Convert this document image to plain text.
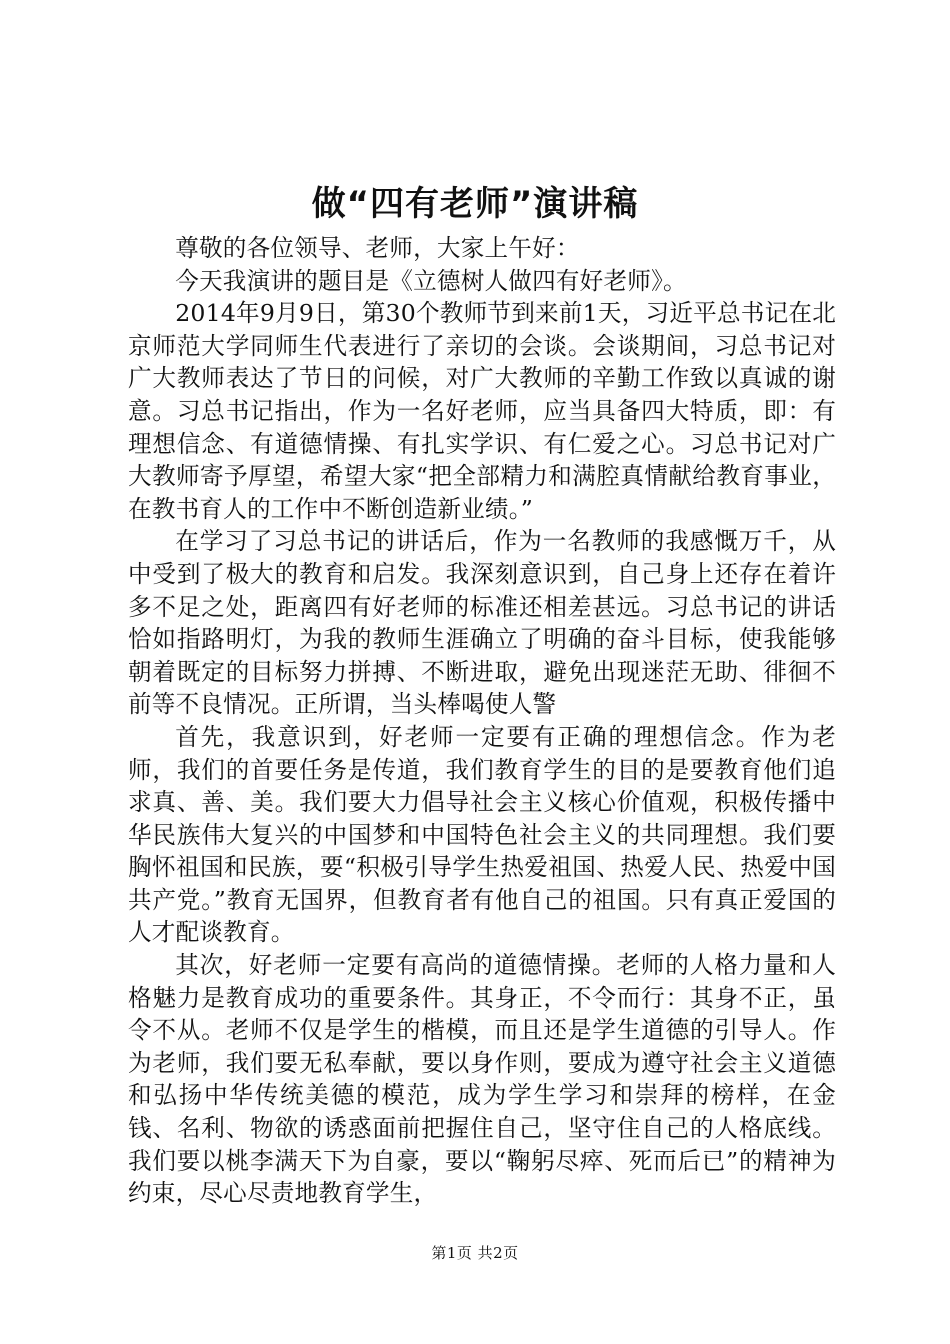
做“四有老师”演讲稿

尊敬的各位领导、老师，大家上午好：

今天我演讲的题目是《立德树人做四有好老师》。

2014年9月9日，第30个教师节到来前1天，习近平总书记在北京师范大学同师生代表进行了亲切的会谈。会谈期间，习总书记对广大教师表达了节日的问候，对广大教师的辛勤工作致以真诚的谢意。习总书记指出，作为一名好老师，应当具备四大特质，即：有理想信念、有道德情操、有扎实学识、有仁爱之心。习总书记对广大教师寄予厚望，希望大家“把全部精力和满腔真情献给教育事业，在教书育人的工作中不断创造新业绩。”

在学习了习总书记的讲话后，作为一名教师的我感慨万千，从中受到了极大的教育和启发。我深刻意识到，自己身上还存在着许多不足之处，距离四有好老师的标准还相差甚远。习总书记的讲话恰如指路明灯，为我的教师生涯确立了明确的奋斗目标，使我能够朝着既定的目标努力拼搏、不断进取，避免出现迷茫无助、徘徊不前等不良情况。正所谓，当头棒喝使人警

首先，我意识到，好老师一定要有正确的理想信念。作为老师，我们的首要任务是传道，我们教育学生的目的是要教育他们追求真、善、美。我们要大力倡导社会主义核心价值观，积极传播中华民族伟大复兴的中国梦和中国特色社会主义的共同理想。我们要胸怀祖国和民族，要“积极引导学生热爱祖国、热爱人民、热爱中国共产党。”教育无国界，但教育者有他自己的祖国。只有真正爱国的人才配谈教育。

其次，好老师一定要有高尚的道德情操。老师的人格力量和人格魅力是教育成功的重要条件。其身正，不令而行：其身不正，虽令不从。老师不仅是学生的楷模，而且还是学生道德的引导人。作为老师，我们要无私奉献，要以身作则，要成为遵守社会主义道德和弘扬中华传统美德的模范，成为学生学习和崇拜的榜样，在金钱、名利、物欲的诱惑面前把握住自己，坚守住自己的人格底线。我们要以桃李满天下为自豪，要以“鞠躬尽瘁、死而后已”的精神为约束，尽心尽责地教育学生，

第1页 共2页
